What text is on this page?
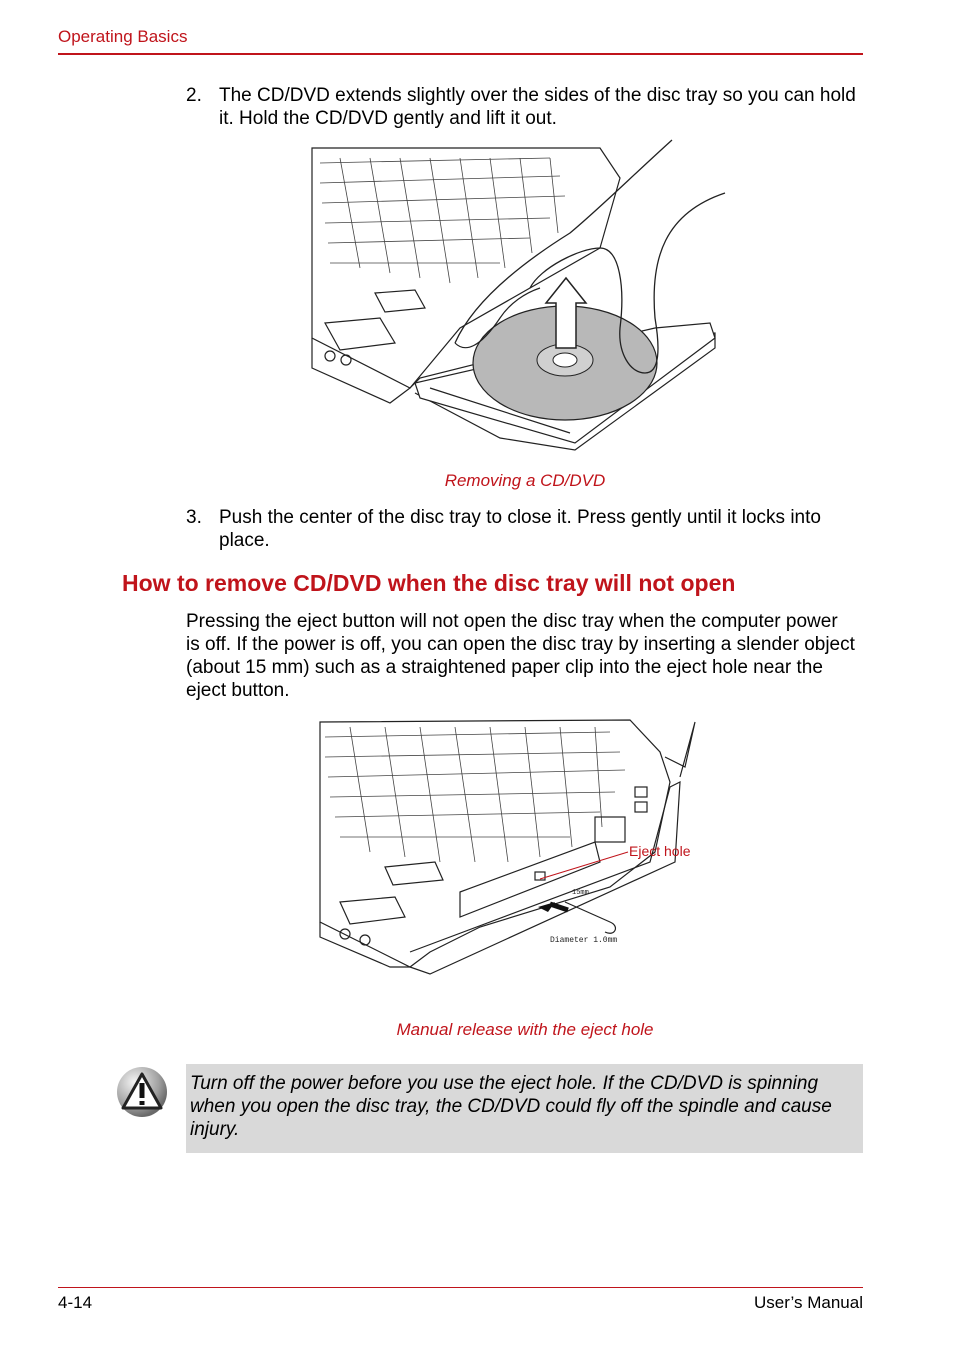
Operating Basics
2. The CD/DVD extends slightly over the sides of the disc tray so you can hold it. Hold the CD/DVD gently and lift it out.
Removing a CD/DVD
3. Push the center of the disc tray to close it. Press gently until it locks into place.
How to remove CD/DVD when the disc tray will not open
Pressing the eject button will not open the disc tray when the computer power is off. If the power is off, you can open the disc tray by inserting a slender object (about 15 mm) such as a straightened paper clip into the eject hole near the eject button.
15mm
Diameter 1.0mm
Eject hole
Manual release with the eject hole
Turn off the power before you use the eject hole. If the CD/DVD is spinning when you open the disc tray, the CD/DVD could fly off the spindle and cause injury.
4-14	User’s Manual
